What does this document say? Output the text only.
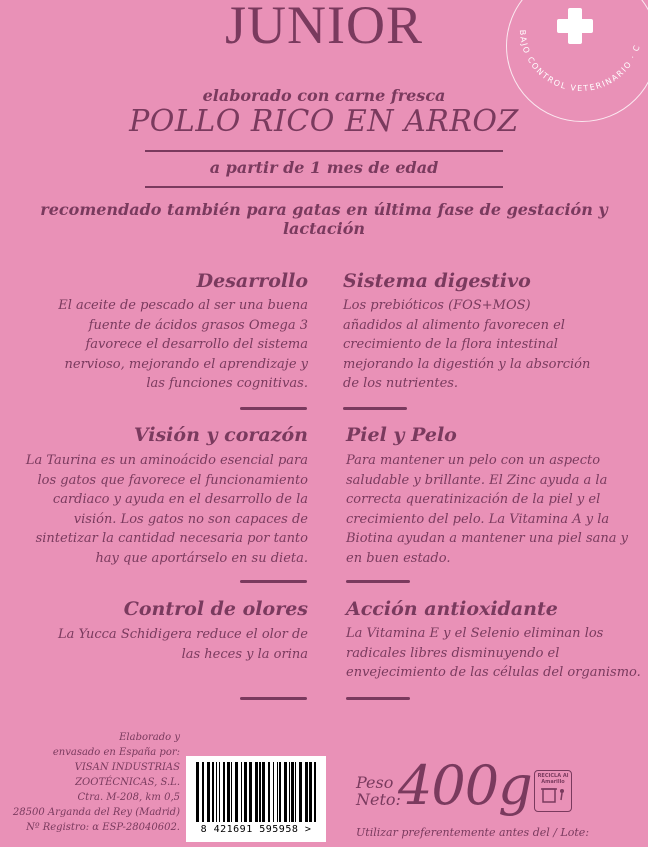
JUNIOR	BAJO CONTROL VETERINARIO · C
elaborado con carne fresca
POLLO RICO EN ARROZ
a partir de 1 mes de edad
recomendado también para gatas en última fase de gestación y lactación
Desarrollo
El aceite de pescado al ser una buena
fuente de ácidos grasos Omega 3
favorece el desarrollo del sistema
nervioso, mejorando el aprendizaje y
las funciones cognitivas.
Sistema digestivo
Los prebióticos (FOS+MOS)
añadidos al alimento favorecen el
crecimiento de la flora intestinal
mejorando la digestión y la absorción
de los nutrientes.
Visión y corazón
La Taurina es un aminoácido esencial para
los gatos que favorece el funcionamiento
cardiaco y ayuda en el desarrollo de la
visión. Los gatos no son capaces de
sintetizar la cantidad necesaria por tanto
hay que aportárselo en su dieta.
Piel y Pelo
Para mantener un pelo con un aspecto
saludable y brillante. El Zinc ayuda a la
correcta queratinización de la piel y el
crecimiento del pelo. La Vitamina A y la
Biotina ayudan a mantener una piel sana y
en buen estado.
Control de olores
La Yucca Schidigera reduce el olor de
las heces y la orina
Acción antioxidante
La Vitamina E y el Selenio eliminan los
radicales libres disminuyendo el
envejecimiento de las células del organismo.
Elaborado y
envasado en España por:
VISAN INDUSTRIAS
ZOOTÉCNICAS, S.L.
Ctra. M-208, km 0,5
28500 Arganda del Rey (Madrid)
Nº Registro: α ESP-28040602.	8 421691 595958 >
Peso
Neto:
400g	RECICLA Al Amarillo
Utilizar preferentemente antes del / Lote:
